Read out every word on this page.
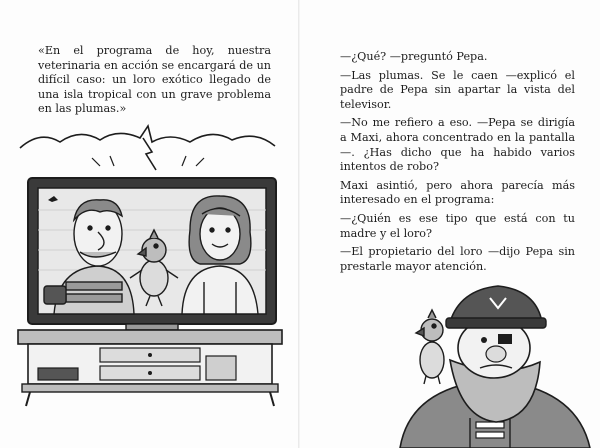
«En el programa de hoy, nuestra veterinaria en acción se encargará de un difícil caso: un loro exótico llegado de una isla tropical con un grave problema en las plumas.»

—¿Qué? —preguntó Pepa.

—Las plumas. Se le caen —explicó el padre de Pepa sin apartar la vista del televisor.

—No me refiero a eso. —Pepa se dirigía a Maxi, ahora concentrado en la pantalla—. ¿Has dicho que ha habido varios intentos de robo?

Maxi asintió, pero ahora parecía más interesado en el programa:

—¿Quién es ese tipo que está con tu madre y el loro?

—El propietario del loro —dijo Pepa sin prestarle mayor atención.
